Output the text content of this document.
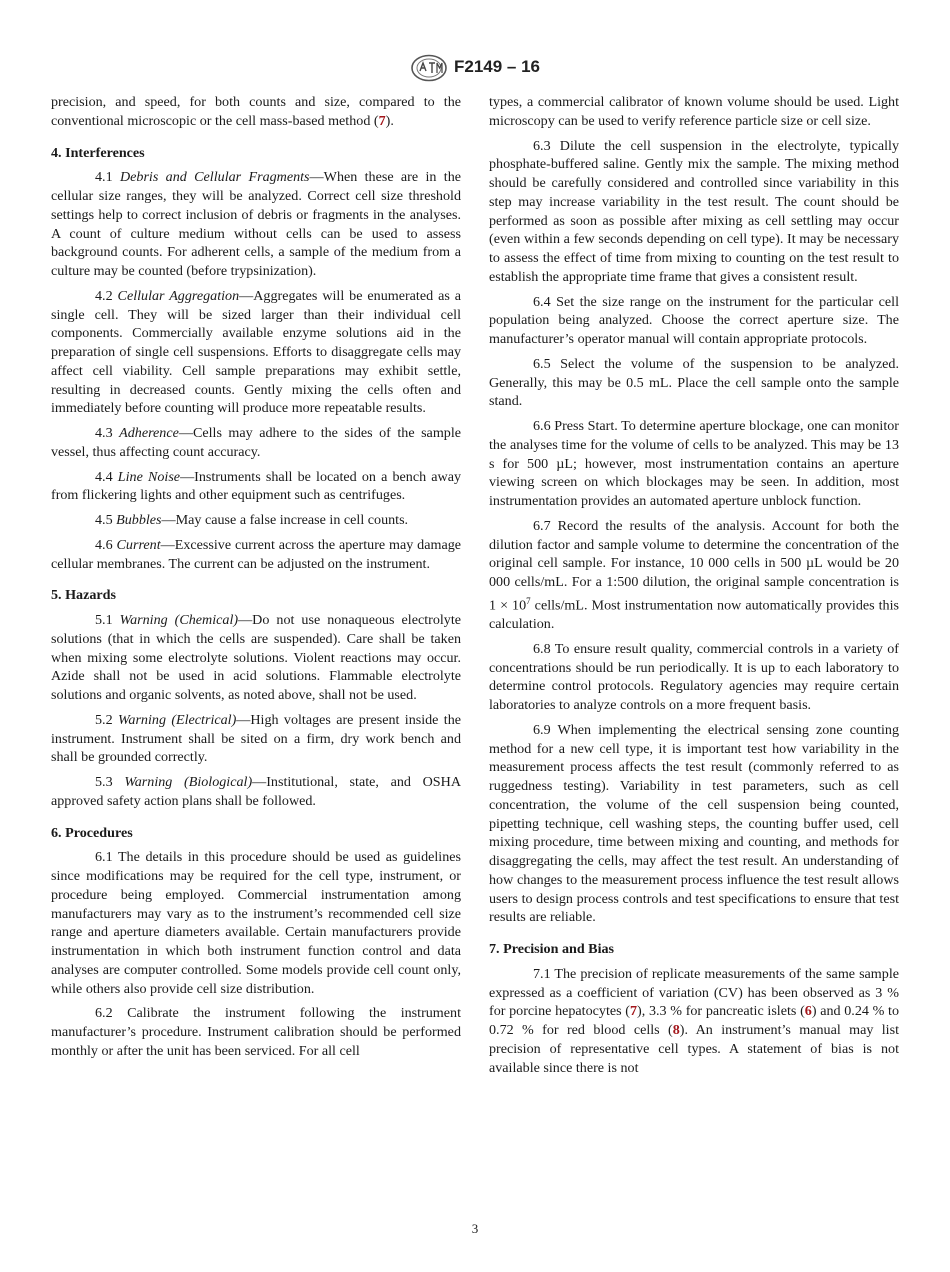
F2149 – 16

precision, and speed, for both counts and size, compared to the conventional microscopic or the cell mass-based method (7).

4. Interferences

4.1 Debris and Cellular Fragments—When these are in the cellular size ranges, they will be analyzed. Correct cell size threshold settings help to correct inclusion of debris or fragments in the analyses. A count of culture medium without cells can be used to assess background counts. For adherent cells, a sample of the medium from a culture may be counted (before trypsinization).

4.2 Cellular Aggregation—Aggregates will be enumerated as a single cell. They will be sized larger than their individual cell components. Commercially available enzyme solutions aid in the preparation of single cell suspensions. Efforts to disaggregate cells may affect cell viability. Cell sample preparations may exhibit settle, resulting in decreased counts. Gently mixing the cells often and immediately before counting will produce more repeatable results.

4.3 Adherence—Cells may adhere to the sides of the sample vessel, thus affecting count accuracy.

4.4 Line Noise—Instruments shall be located on a bench away from flickering lights and other equipment such as centrifuges.

4.5 Bubbles—May cause a false increase in cell counts.

4.6 Current—Excessive current across the aperture may damage cellular membranes. The current can be adjusted on the instrument.

5. Hazards

5.1 Warning (Chemical)—Do not use nonaqueous electrolyte solutions (that in which the cells are suspended). Care shall be taken when mixing some electrolyte solutions. Violent reactions may occur. Azide shall not be used in acid solutions. Flammable electrolyte solutions and organic solvents, as noted above, shall not be used.

5.2 Warning (Electrical)—High voltages are present inside the instrument. Instrument shall be sited on a firm, dry work bench and shall be grounded correctly.

5.3 Warning (Biological)—Institutional, state, and OSHA approved safety action plans shall be followed.

6. Procedures

6.1 The details in this procedure should be used as guidelines since modifications may be required for the cell type, instrument, or procedure being employed. Commercial instrumentation among manufacturers may vary as to the instrument’s recommended cell size range and aperture diameters available. Certain manufacturers provide instrumentation in which both instrument function control and data analyses are computer controlled. Some models provide cell count only, while others also provide cell size distribution.

6.2 Calibrate the instrument following the instrument manufacturer’s procedure. Instrument calibration should be performed monthly or after the unit has been serviced. For all cell

types, a commercial calibrator of known volume should be used. Light microscopy can be used to verify reference particle size or cell size.

6.3 Dilute the cell suspension in the electrolyte, typically phosphate-buffered saline. Gently mix the sample. The mixing method should be carefully considered and controlled since variability in this step may increase variability in the test result. The count should be performed as soon as possible after mixing as cell settling may occur (even within a few seconds depending on cell type). It may be necessary to assess the effect of time from mixing to counting on the test result to establish the appropriate time frame that gives a consistent result.

6.4 Set the size range on the instrument for the particular cell population being analyzed. Choose the correct aperture size. The manufacturer’s operator manual will contain appropriate protocols.

6.5 Select the volume of the suspension to be analyzed. Generally, this may be 0.5 mL. Place the cell sample onto the sample stand.

6.6 Press Start. To determine aperture blockage, one can monitor the analyses time for the volume of cells to be analyzed. This may be 13 s for 500 µL; however, most instrumentation contains an aperture viewing screen on which blockages may be seen. In addition, most instrumentation provides an automated aperture unblock function.

6.7 Record the results of the analysis. Account for both the dilution factor and sample volume to determine the concentration of the original cell sample. For instance, 10 000 cells in 500 µL would be 20 000 cells/mL. For a 1:500 dilution, the original sample concentration is $1 \times 10^7$ cells/mL. Most instrumentation now automatically provides this calculation.

6.8 To ensure result quality, commercial controls in a variety of concentrations should be run periodically. It is up to each laboratory to determine control protocols. Regulatory agencies may require certain laboratories to analyze controls on a more frequent basis.

6.9 When implementing the electrical sensing zone counting method for a new cell type, it is important test how variability in the measurement process affects the test result (commonly referred to as ruggedness testing). Variability in test parameters, such as cell concentration, the volume of the cell suspension being counted, pipetting technique, cell washing steps, the counting buffer used, cell mixing procedure, time between mixing and counting, and methods for disaggregating the cells, may affect the test result. An understanding of how changes to the measurement process influence the test result allows users to design process controls and test specifications to ensure that test results are reliable.

7. Precision and Bias

7.1 The precision of replicate measurements of the same sample expressed as a coefficient of variation (CV) has been observed as 3 % for porcine hepatocytes (7), 3.3 % for pancreatic islets (6) and 0.24 % to 0.72 % for red blood cells (8). An instrument’s manual may list precision of representative cell types. A statement of bias is not available since there is not

3
